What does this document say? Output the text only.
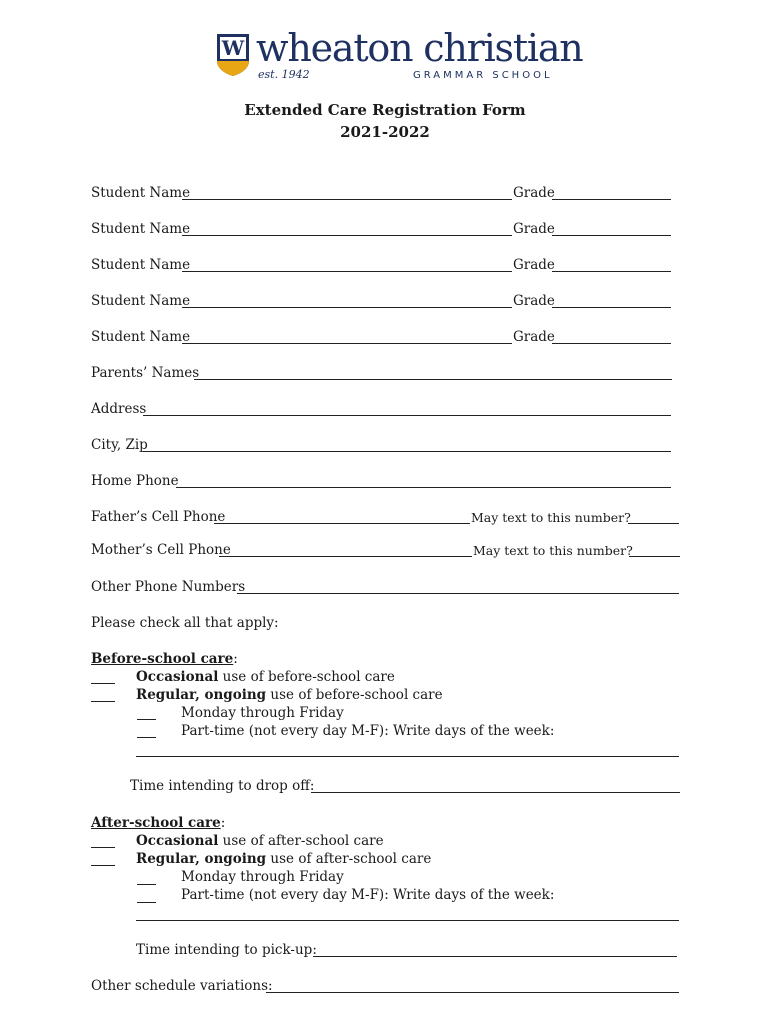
W wheaton christian
est. 1942	GRAMMAR SCHOOL
Extended Care Registration Form
2021-2022
Student Name	Grade
Student Name	Grade
Student Name	Grade
Student Name	Grade
Student Name	Grade
Parents’ Names
Address
City, Zip
Home Phone
Father’s Cell Phone	May text to this number?
Mother’s Cell Phone	May text to this number?
Other Phone Numbers
Please check all that apply:
Before-school care:
Occasional use of before-school care
Regular, ongoing use of before-school care
Monday through Friday
Part-time (not every day M-F): Write days of the week:
Time intending to drop off:
After-school care:
Occasional use of after-school care
Regular, ongoing use of after-school care
Monday through Friday
Part-time (not every day M-F): Write days of the week:
Time intending to pick-up:
Other schedule variations:
